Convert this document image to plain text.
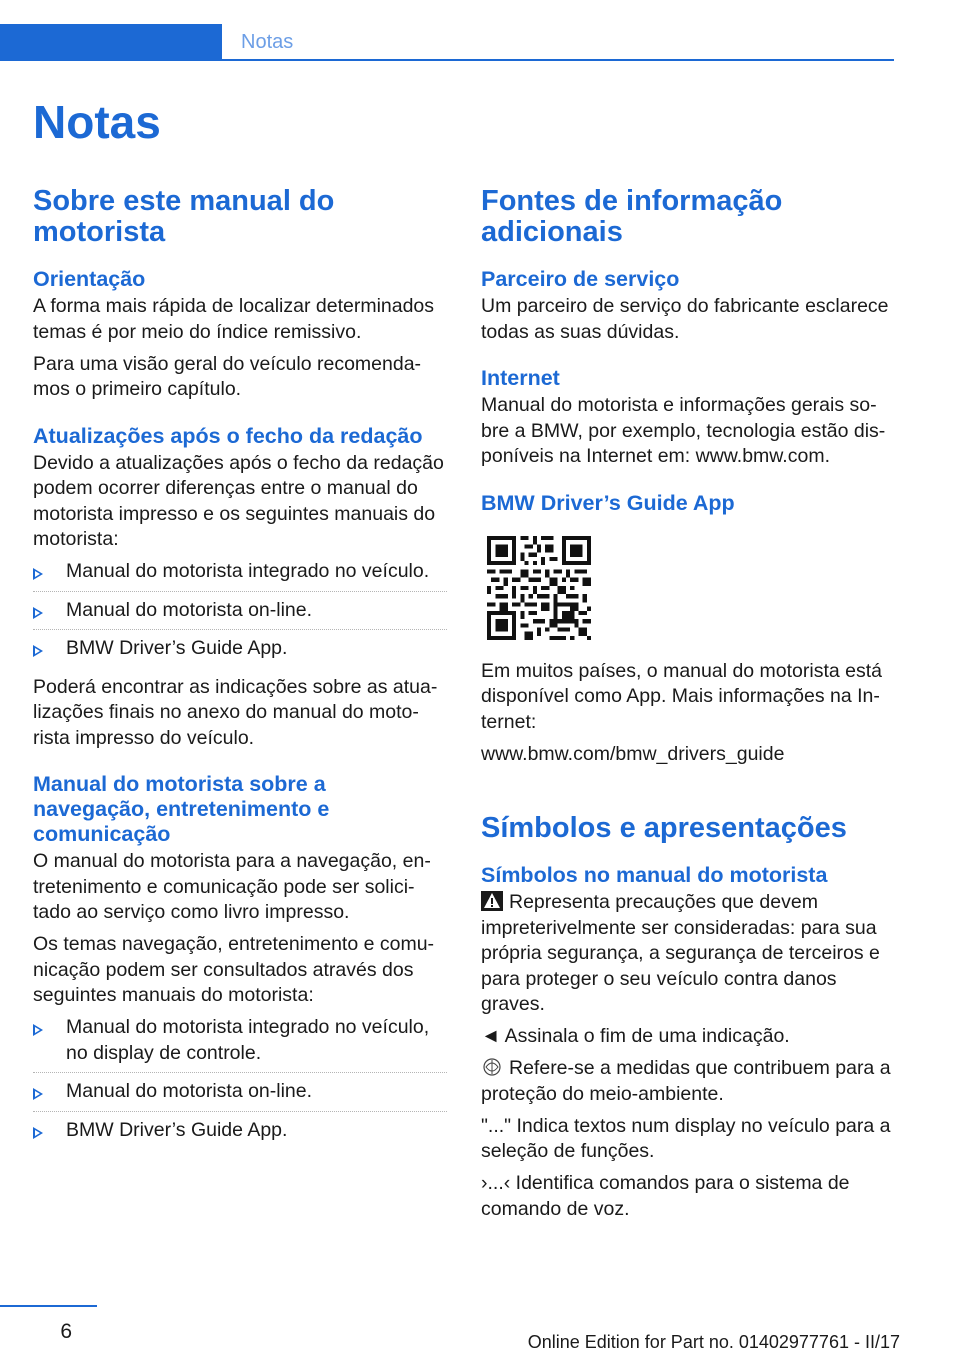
Notas
Notas
Sobre este manual do motorista
Orientação

A forma mais rápida de localizar determinados temas é por meio do índice remissivo.

Para uma visão geral do veículo recomenda‐mos o primeiro capítulo.

Atualizações após o fecho da redação

Devido a atualizações após o fecho da redação podem ocorrer diferenças entre o manual do motorista impresso e os seguintes manuais do motorista:

Manual do motorista integrado no veículo.
Manual do motorista on-line.
BMW Driver’s Guide App.

Poderá encontrar as indicações sobre as atua‐lizações finais no anexo do manual do moto‐rista impresso do veículo.

Manual do motorista sobre a navegação, entretenimento e comunicação

O manual do motorista para a navegação, en‐tretenimento e comunicação pode ser solici‐tado ao serviço como livro impresso.

Os temas navegação, entretenimento e comu‐nicação podem ser consultados através dos seguintes manuais do motorista:

Manual do motorista integrado no veículo, no display de controle.
Manual do motorista on-line.
BMW Driver’s Guide App.
Fontes de informação adicionais
Parceiro de serviço

Um parceiro de serviço do fabricante esclarece todas as suas dúvidas.

Internet

Manual do motorista e informações gerais so‐bre a BMW, por exemplo, tecnologia estão dis‐poníveis na Internet em: www.bmw.com.

BMW Driver’s Guide App

Em muitos países, o manual do motorista está disponível como App. Mais informações na In‐ternet:

www.bmw.com/bmw_drivers_guide

Símbolos e apresentações
Símbolos no manual do motorista

Representa precauções que devem impreterivelmente ser consideradas: para sua própria segurança, a segurança de terceiros e para proteger o seu veículo contra danos graves.

◄ Assinala o fim de uma indicação.

Refere-se a medidas que contribuem para a proteção do meio-ambiente.

"..." Indica textos num display no veículo para a seleção de funções.

›...‹ Identifica comandos para o sistema de comando de voz.

6	Online Edition for Part no. 01402977761 - II/17
